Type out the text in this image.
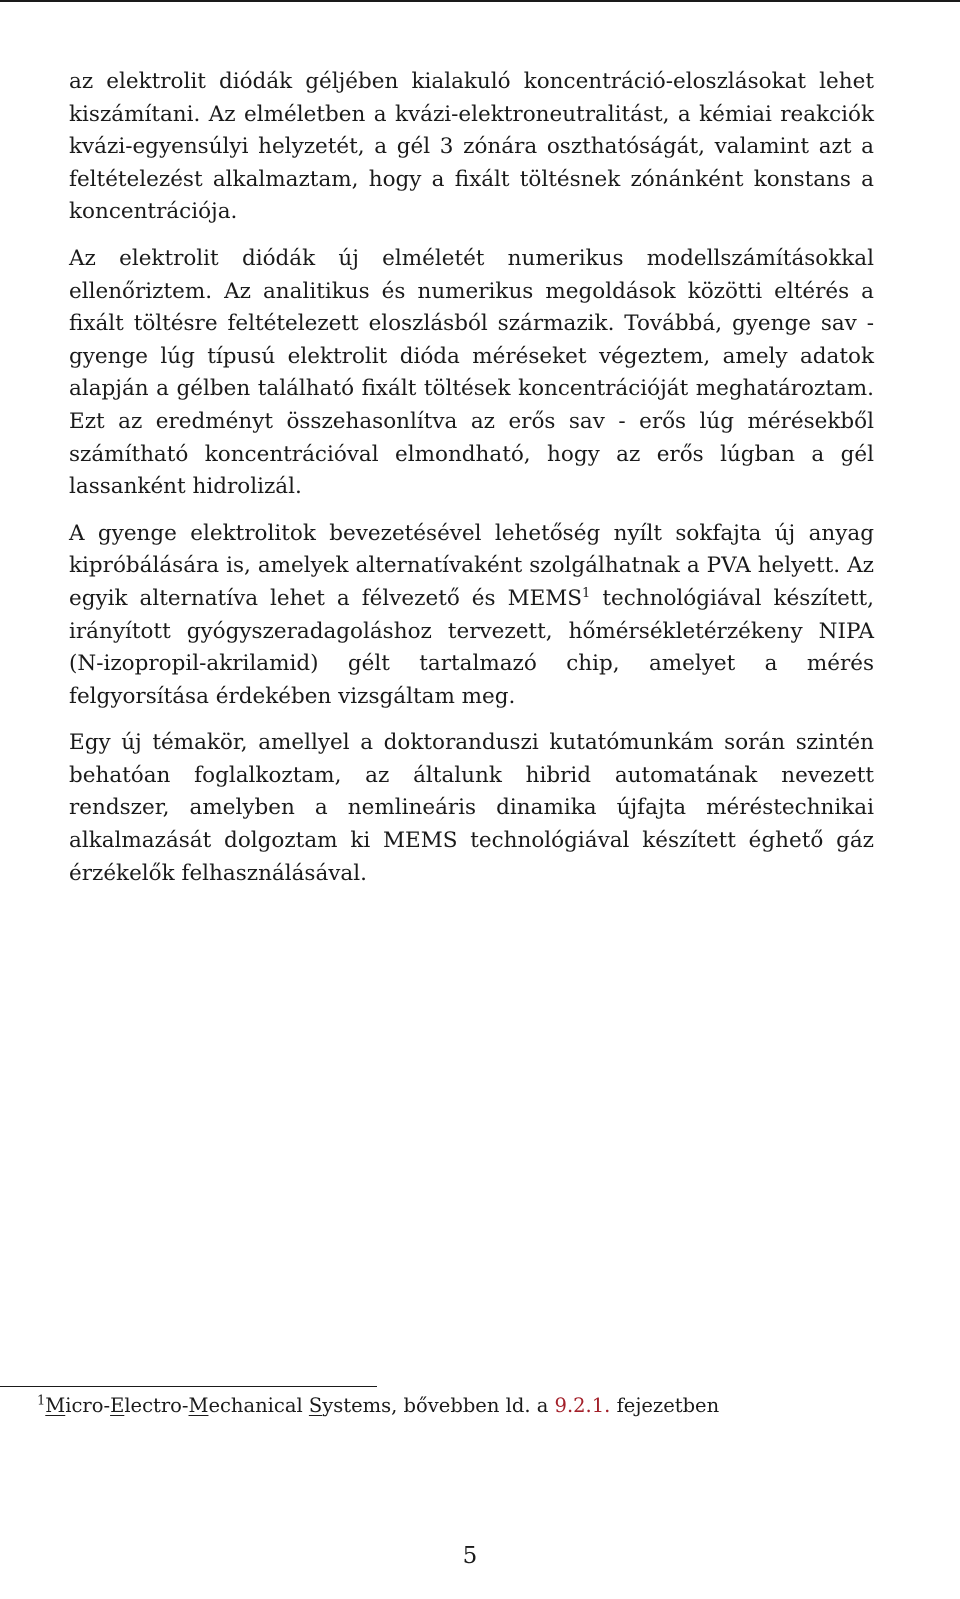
az elektrolit diódák géljében kialakuló koncentráció-eloszlásokat lehet kiszámítani. Az elméletben a kvázi-elektroneutralitást, a kémiai reakciók kvázi-egyensúlyi helyzetét, a gél 3 zónára oszthatóságát, valamint azt a feltételezést alkalmaztam, hogy a fixált töltésnek zónánként konstans a koncentrációja.

Az elektrolit diódák új elméletét numerikus modellszámításokkal ellenőriztem. Az analitikus és numerikus megoldások közötti eltérés a fixált töltésre feltételezett eloszlásból származik. Továbbá, gyenge sav - gyenge lúg típusú elektrolit dióda méréseket végeztem, amely adatok alapján a gélben található fixált töltések koncentrációját meghatároztam. Ezt az eredményt összehasonlítva az erős sav - erős lúg mérésekből számítható koncentrációval elmondható, hogy az erős lúgban a gél lassanként hidrolizál.

A gyenge elektrolitok bevezetésével lehetőség nyílt sokfajta új anyag kipróbálására is, amelyek alternatívaként szolgálhatnak a PVA helyett. Az egyik alternatíva lehet a félvezető és MEMS$^1$ technológiával készített, irányított gyógyszeradagoláshoz tervezett, hőmérsékletérzékeny NIPA (N-izopropil-akrilamid) gélt tartalmazó chip, amelyet a mérés felgyorsítása érdekében vizsgáltam meg.

Egy új témakör, amellyel a doktoranduszi kutatómunkám során szintén behatóan foglalkoztam, az általunk hibrid automatának nevezett rendszer, amelyben a nemlineáris dinamika újfajta méréstechnikai alkalmazását dolgoztam ki MEMS technológiával készített éghető gáz érzékelők felhasználásával.

$^1$Micro-Electro-Mechanical Systems, bővebben ld. a 9.2.1. fejezetben
5
